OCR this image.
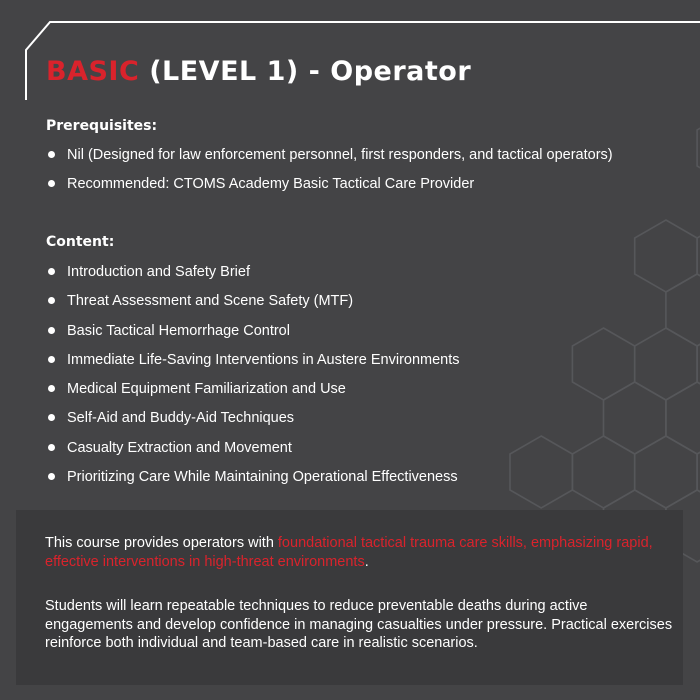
BASIC (LEVEL 1) - Operator
Prerequisites:
Nil (Designed for law enforcement personnel, first responders, and tactical operators)
Recommended: CTOMS Academy Basic Tactical Care Provider
Content:
Introduction and Safety Brief
Threat Assessment and Scene Safety (MTF)
Basic Tactical Hemorrhage Control
Immediate Life-Saving Interventions in Austere Environments
Medical Equipment Familiarization and Use
Self-Aid and Buddy-Aid Techniques
Casualty Extraction and Movement
Prioritizing Care While Maintaining Operational Effectiveness

This course provides operators with foundational tactical trauma care skills, emphasizing rapid, effective interventions in high-threat environments.

Students will learn repeatable techniques to reduce preventable deaths during active engagements and develop confidence in managing casualties under pressure. Practical exercises reinforce both individual and team-based care in realistic scenarios.
